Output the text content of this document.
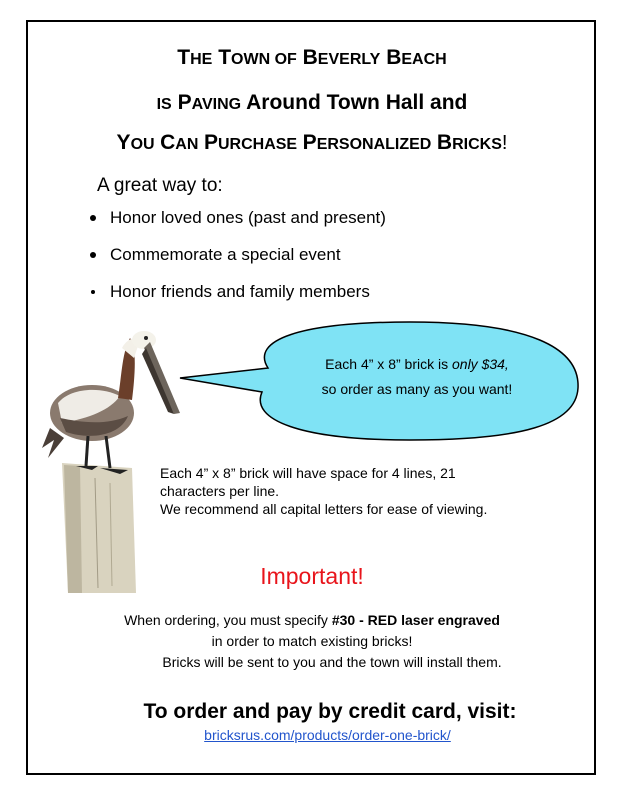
THE TOWN OF BEVERLY BEACH
IS PAVING Around Town Hall and
YOU CAN PURCHASE PERSONALIZED BRICKS!
A great way to:
Honor loved ones (past and present)
Commemorate a special event
Honor friends and family members
Each 4” x 8” brick is only $34,
so order as many as you want!
Each 4” x 8” brick will have space for 4 lines, 21
characters per line.
We recommend all capital letters for ease of viewing.
Important!
When ordering, you must specify #30 - RED laser engraved
in order to match existing bricks!
Bricks will be sent to you and the town will install them.
To order and pay by credit card, visit:
bricksrus.com/products/order-one-brick/
